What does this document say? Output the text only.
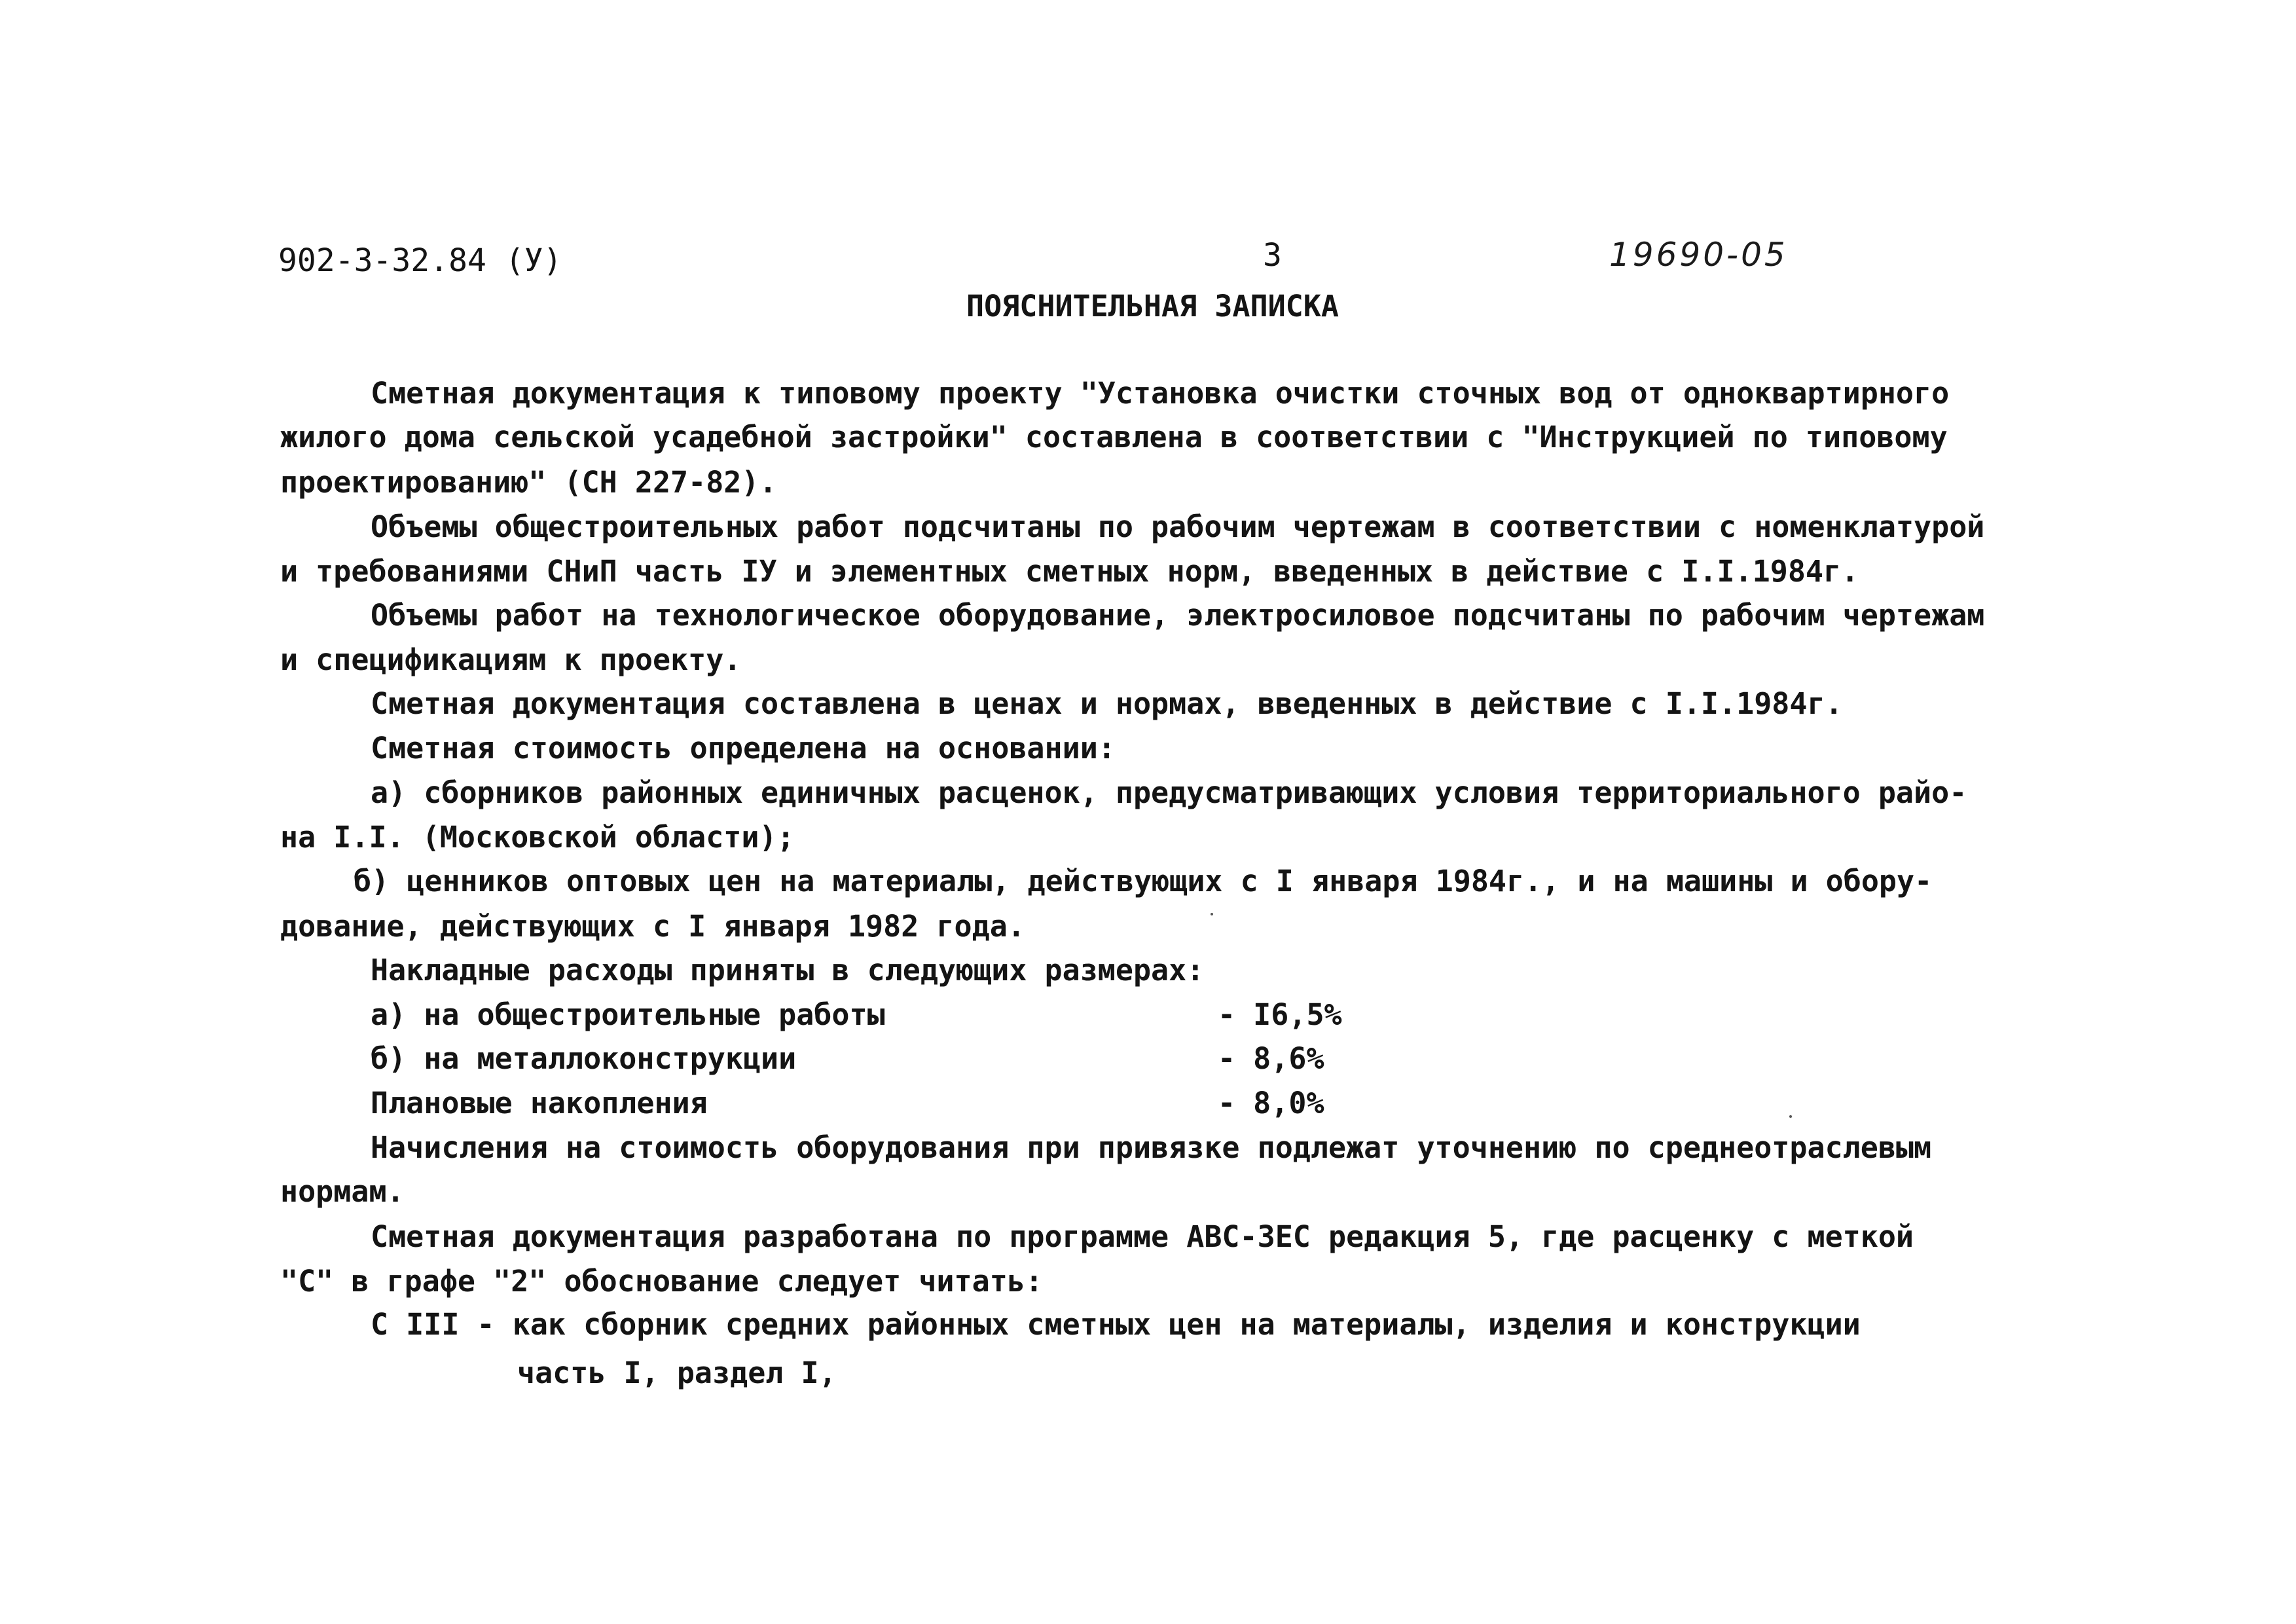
902-3-32.84 (У)	3	19690-05
ПОЯСНИТЕЛЬНАЯ ЗАПИСКА
Сметная документация к типовому проекту "Установка очистки сточных вод от одноквартирного
жилого дома сельской усадебной застройки" составлена в соответствии с "Инструкцией по типовому
проектированию" (СН 227-82).
Объемы общестроительных работ подсчитаны по рабочим чертежам в соответствии с номенклатурой
и требованиями СНиП часть IУ и элементных сметных норм, введенных в действие с I.I.1984г.
Объемы работ на технологическое оборудование, электросиловое подсчитаны по рабочим чертежам
и спецификациям к проекту.
Сметная документация составлена в ценах и нормах, введенных в действие с I.I.1984г.
Сметная стоимость определена на основании:
а) сборников районных единичных расценок, предусматривающих условия территориального райо-
на I.I. (Московской области);
б) ценников оптовых цен на материалы, действующих с I января 1984г., и на машины и обору-
дование, действующих с I января 1982 года.
Накладные расходы приняты в следующих размерах:
а) на общестроительные работы	- I6,5%
б) на металлоконструкции	- 8,6%
Плановые накопления	- 8,0%
Начисления на стоимость оборудования при привязке подлежат уточнению по среднеотраслевым
нормам.
Сметная документация разработана по программе АВС-3ЕС редакция 5, где расценку с меткой
"С" в графе "2" обоснование следует читать:
С III - как сборник средних районных сметных цен на материалы, изделия и конструкции
часть I, раздел I,
